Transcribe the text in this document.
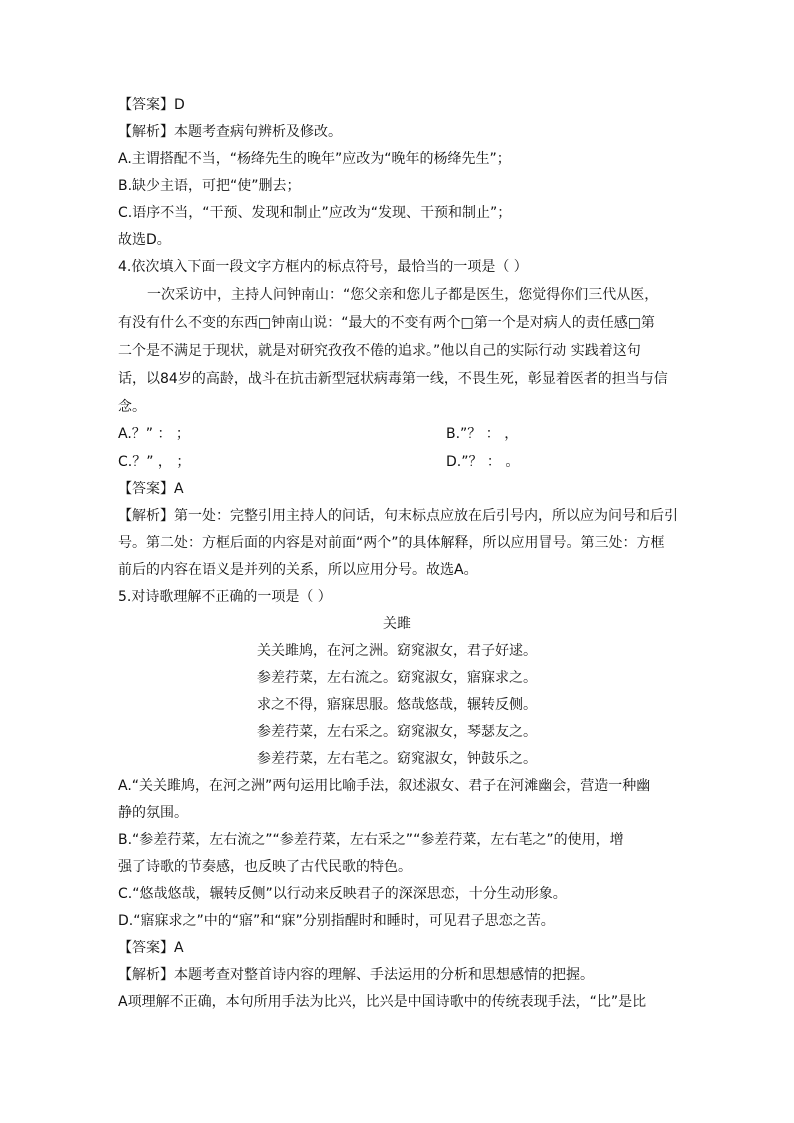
【答案】D
【解析】本题考查病句辨析及修改。
A.主谓搭配不当，“杨绛先生的晚年”应改为“晚年的杨绛先生”；
B.缺少主语，可把“使”删去；
C.语序不当，“干预、发现和制止”应改为“发现、干预和制止”；
故选D。
4.依次填入下面一段文字方框内的标点符号，最恰当的一项是（ ）
一次采访中，主持人问钟南山：“您父亲和您儿子都是医生，您觉得你们三代从医，
有没有什么不变的东西□钟南山说：“最大的不变有两个□第一个是对病人的责任感□第
二个是不满足于现状，就是对研究孜孜不倦的追求。”他以自己的实际行动 实践着这句
话，以84岁的高龄，战斗在抗击新型冠状病毒第一线，不畏生死，彰显着医者的担当与信
念。
A.？” ： ；	B.”？ ： ，
C.？” ， ；	D.”？ ： 。
【答案】A
【解析】第一处：完整引用主持人的问话，句末标点应放在后引号内，所以应为问号和后引
号。第二处：方框后面的内容是对前面“两个”的具体解释，所以应用冒号。第三处：方框
前后的内容在语义是并列的关系，所以应用分号。故选A。
5.对诗歌理解不正确的一项是（ ）
关雎
关关雎鸠，在河之洲。窈窕淑女，君子好逑。
参差荇菜，左右流之。窈窕淑女，寤寐求之。
求之不得，寤寐思服。悠哉悠哉，辗转反侧。
参差荇菜，左右采之。窈窕淑女，琴瑟友之。
参差荇菜，左右芼之。窈窕淑女，钟鼓乐之。
A.“关关雎鸠，在河之洲”两句运用比喻手法，叙述淑女、君子在河滩幽会，营造一种幽
静的氛围。
B.“参差荇菜，左右流之”“参差荇菜，左右采之”“参差荇菜，左右芼之”的使用，增
强了诗歌的节奏感，也反映了古代民歌的特色。
C.“悠哉悠哉，辗转反侧”以行动来反映君子的深深思恋，十分生动形象。
D.“寤寐求之”中的“寤”和“寐”分别指醒时和睡时，可见君子思恋之苦。
【答案】A
【解析】本题考查对整首诗内容的理解、手法运用的分析和思想感情的把握。
A项理解不正确，本句所用手法为比兴，比兴是中国诗歌中的传统表现手法，“比”是比
